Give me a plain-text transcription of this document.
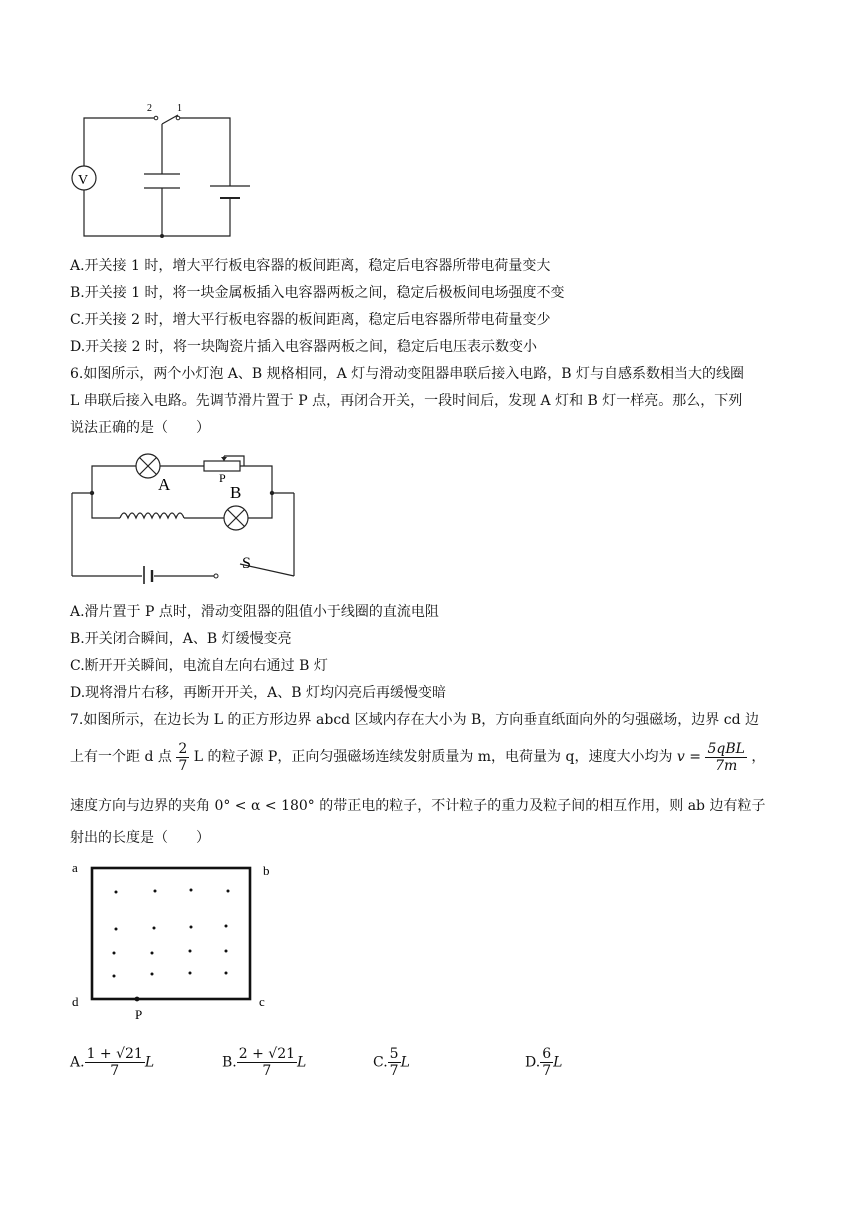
2	1
V
A.开关接 1 时，增大平行板电容器的板间距离，稳定后电容器所带电荷量变大
B.开关接 1 时，将一块金属板插入电容器两板之间，稳定后极板间电场强度不变
C.开关接 2 时，增大平行板电容器的板间距离，稳定后电容器所带电荷量变少
D.开关接 2 时，将一块陶瓷片插入电容器两板之间，稳定后电压表示数变小
6.如图所示，两个小灯泡 A、B 规格相同，A 灯与滑动变阻器串联后接入电路，B 灯与自感系数相当大的线圈
L 串联后接入电路。先调节滑片置于 P 点，再闭合开关，一段时间后，发现 A 灯和 B 灯一样亮。那么，下列
说法正确的是（　　）
A	B
P
S
A.滑片置于 P 点时，滑动变阻器的阻值小于线圈的直流电阻
B.开关闭合瞬间，A、B 灯缓慢变亮
C.断开开关瞬间，电流自左向右通过 B 灯
D.现将滑片右移，再断开开关，A、B 灯均闪亮后再缓慢变暗
7.如图所示，在边长为 L 的正方形边界 abcd 区域内存在大小为 B，方向垂直纸面向外的匀强磁场，边界 cd 边
上有一个距 d 点 $\frac{2}{7}$ L 的粒子源 P，正向匀强磁场连续发射质量为 m，电荷量为 q，速度大小均为 $v = \frac{\text{5qBL}}{7m}$ ，
速度方向与边界的夹角 0° < α < 180° 的带正电的粒子，不计粒子的重力及粒子间的相互作用，则 ab 边有粒子
射出的长度是（　　）
a	b
c
d
P
A. $\frac{1 + √21}{7}$ L	B. $\frac{2 + √21}{7}$ L	C. $\frac{5}{7}$ L	D. $\frac{6}{7}$ L
